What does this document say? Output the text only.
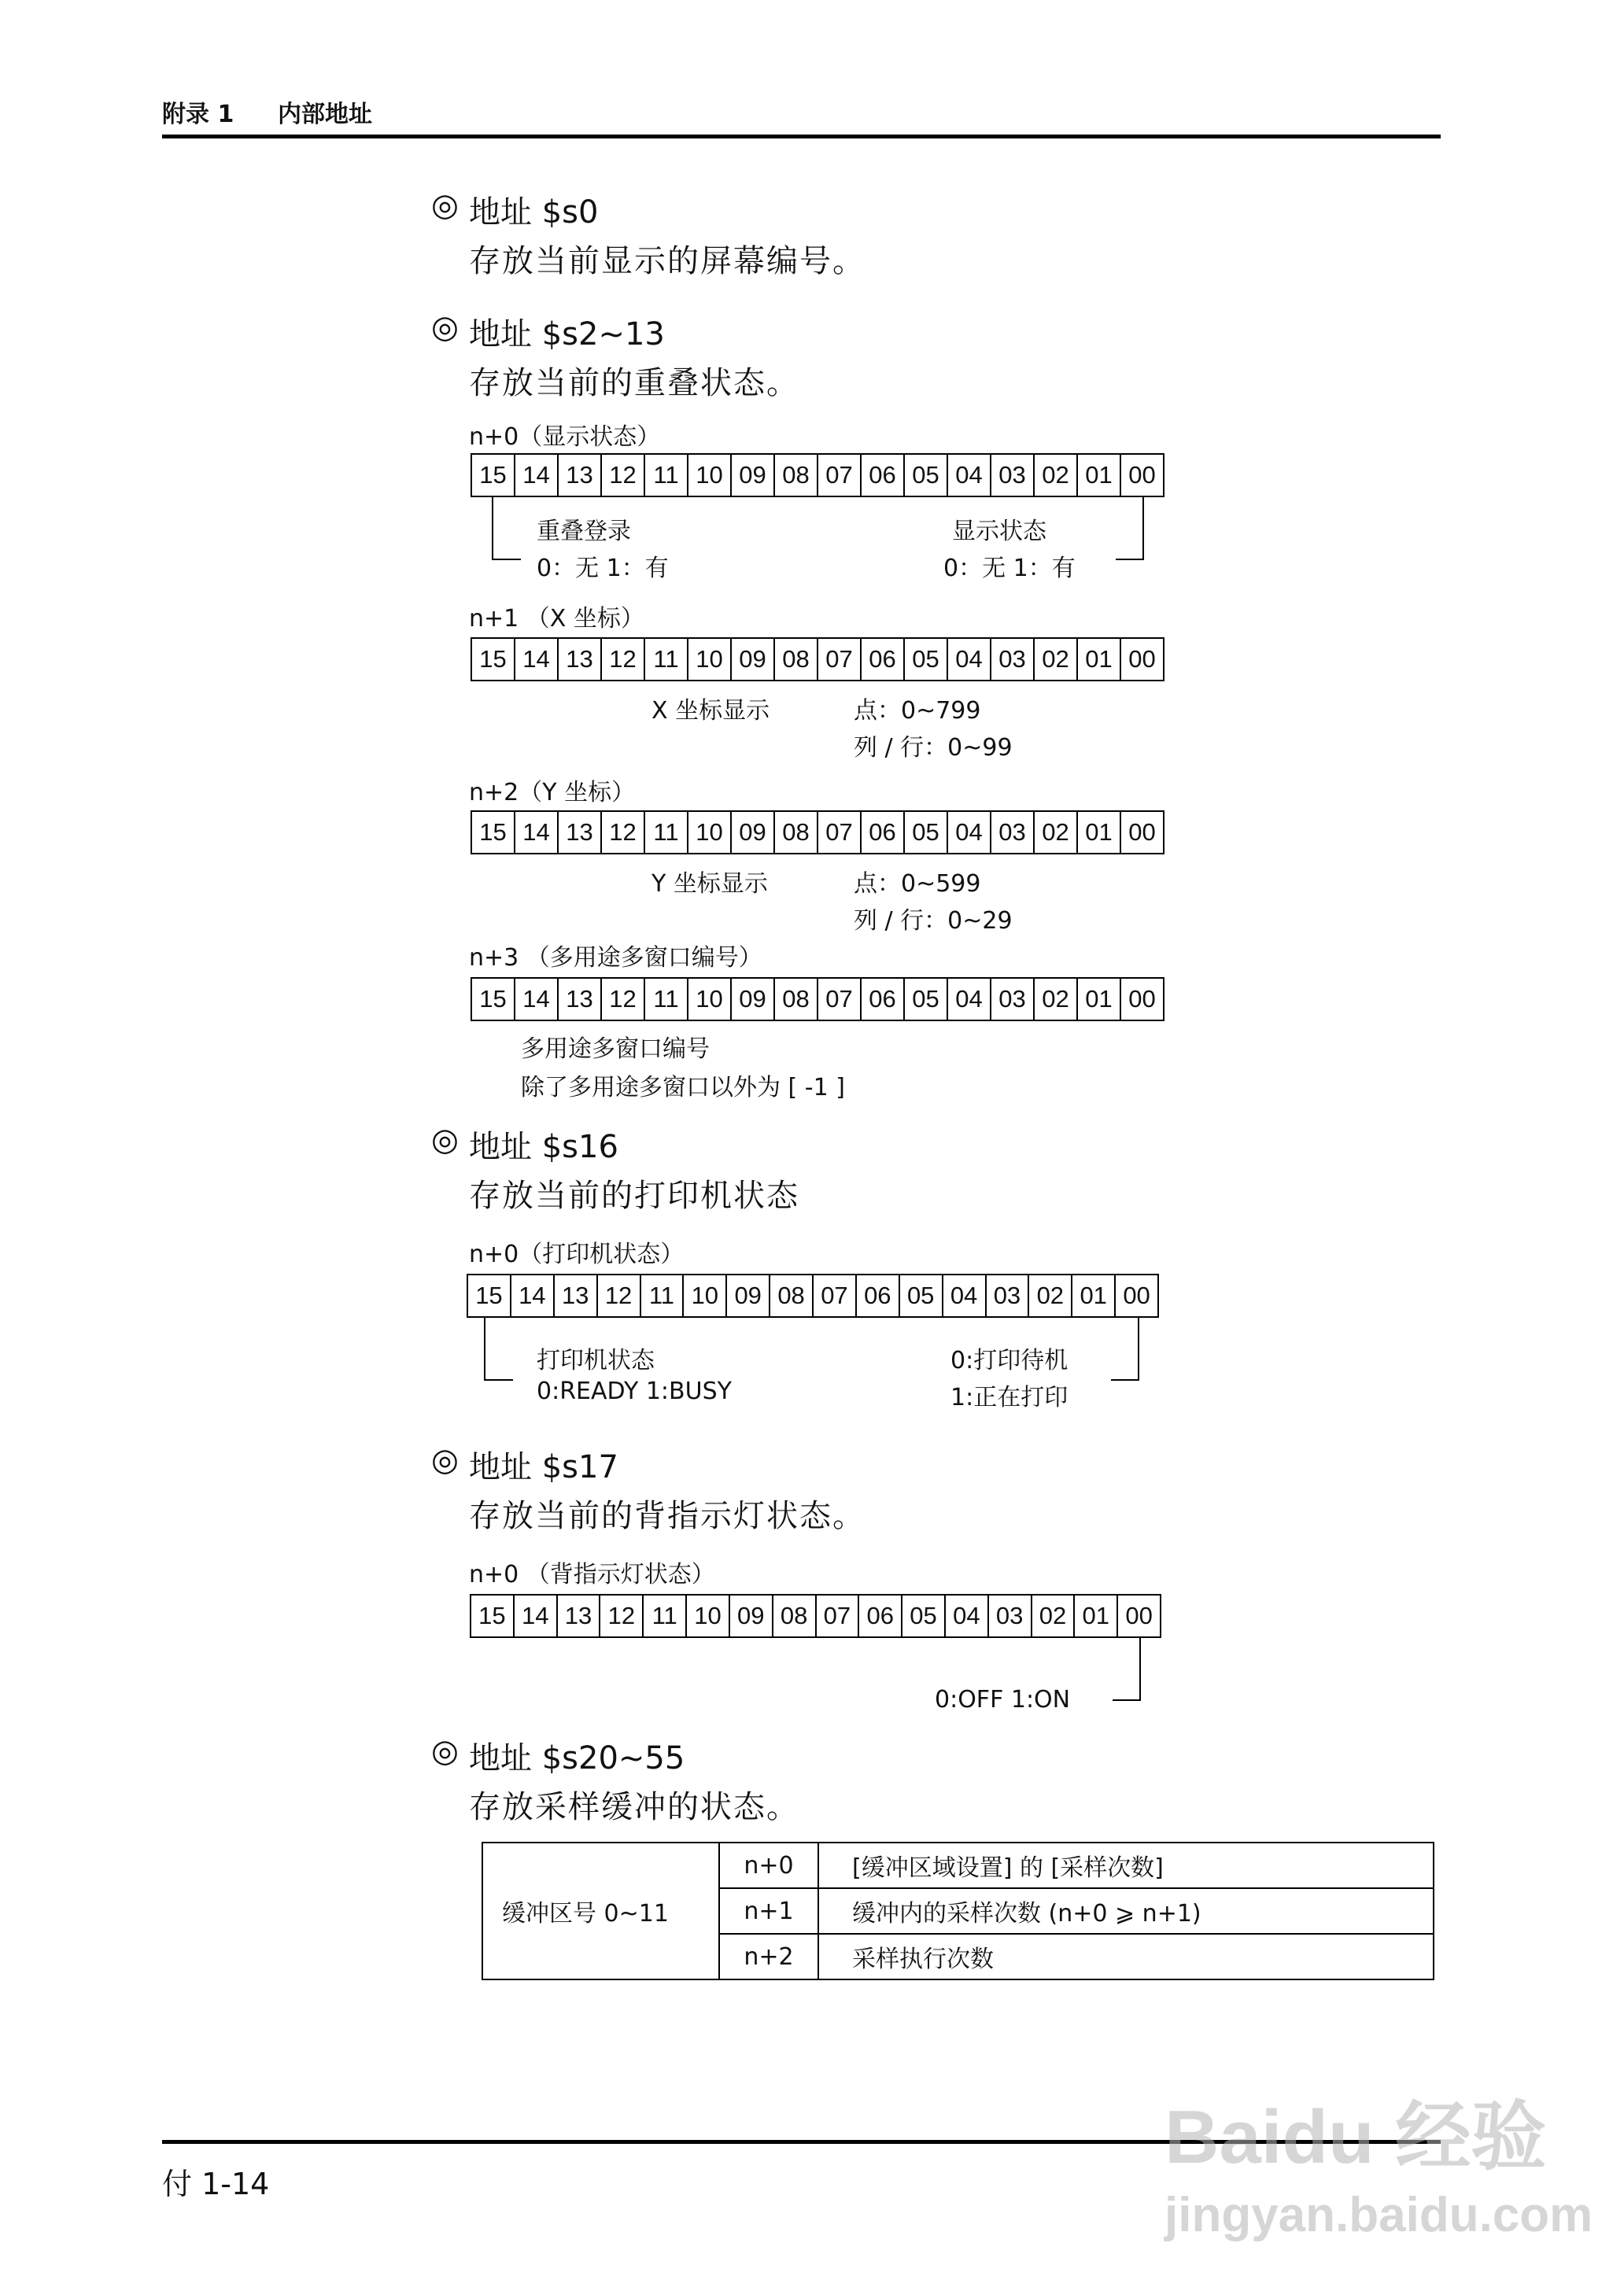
附录 1 内部地址
◎ 地址 $s0
存放当前显示的屏幕编号。
◎ 地址 $s2~13
存放当前的重叠状态。
n+0（显示状态）
15 14 13 12 11 10 09 08 07 06 05 04 03 02 01 00
重叠登录
0：无 1：有
显示状态
0：无 1：有
n+1 （X 坐标）
15 14 13 12 11 10 09 08 07 06 05 04 03 02 01 00
X 坐标显示	点：0~799
列 / 行：0~99
n+2（Y 坐标）
15 14 13 12 11 10 09 08 07 06 05 04 03 02 01 00
Y 坐标显示	点：0~599
列 / 行：0~29
n+3 （多用途多窗口编号）
15 14 13 12 11 10 09 08 07 06 05 04 03 02 01 00
多用途多窗口编号
除了多用途多窗口以外为 [ -1 ]
◎ 地址 $s16
存放当前的打印机状态
n+0（打印机状态）
15 14 13 12 11 10 09 08 07 06 05 04 03 02 01 00
打印机状态
0:READY 1:BUSY
0:打印待机
1:正在打印
◎ 地址 $s17
存放当前的背指示灯状态。
n+0 （背指示灯状态）
15 14 13 12 11 10 09 08 07 06 05 04 03 02 01 00
0:OFF 1:ON
◎ 地址 $s20~55
存放采样缓冲的状态。
缓冲区号 0~11	n+0	[缓冲区域设置] 的 [采样次数]
	n+1	缓冲内的采样次数 (n+0 ⩾ n+1)
	n+2	采样执行次数
付 1-14
Baidu 经验
jingyan.baidu.com
